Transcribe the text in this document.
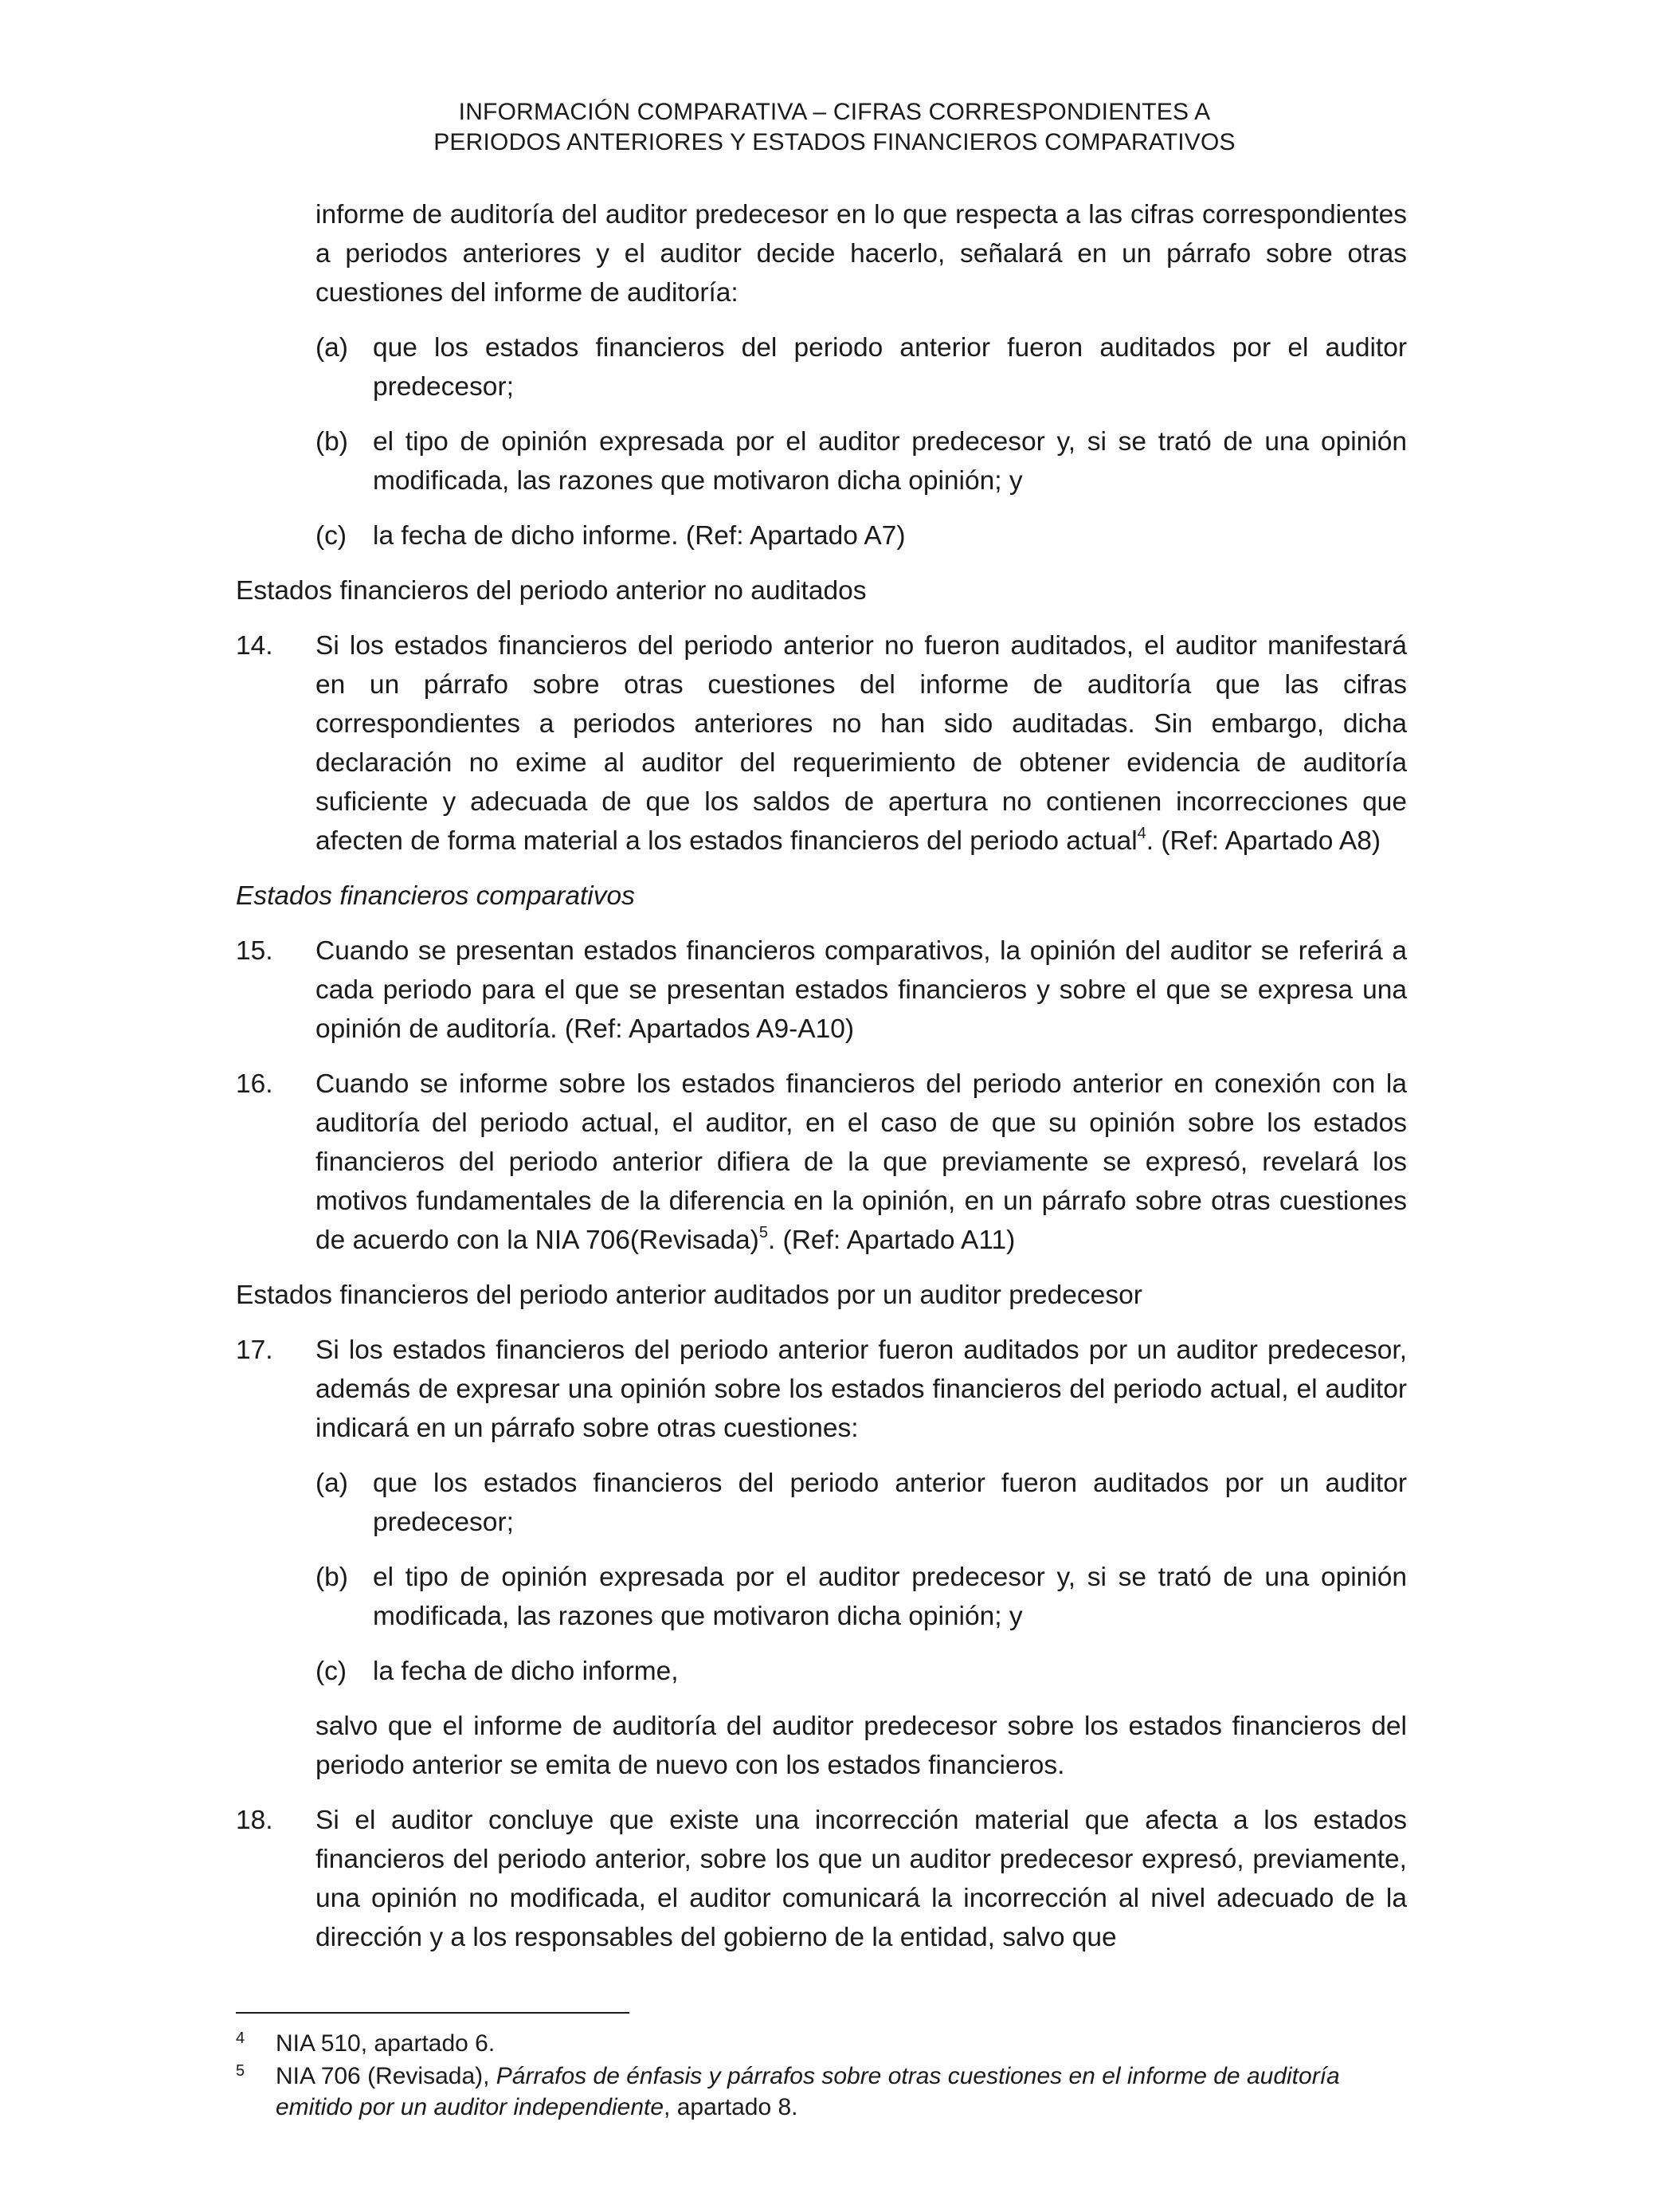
INFORMACIÓN COMPARATIVA – CIFRAS CORRESPONDIENTES A
PERIODOS ANTERIORES Y ESTADOS FINANCIEROS COMPARATIVOS

informe de auditoría del auditor predecesor en lo que respecta a las cifras correspondientes a periodos anteriores y el auditor decide hacerlo, señalará en un párrafo sobre otras cuestiones del informe de auditoría:

(a) que los estados financieros del periodo anterior fueron auditados por el auditor predecesor;
(b) el tipo de opinión expresada por el auditor predecesor y, si se trató de una opinión modificada, las razones que motivaron dicha opinión; y
(c) la fecha de dicho informe. (Ref: Apartado A7)
Estados financieros del periodo anterior no auditados
14. Si los estados financieros del periodo anterior no fueron auditados, el auditor manifestará en un párrafo sobre otras cuestiones del informe de auditoría que las cifras correspondientes a periodos anteriores no han sido auditadas. Sin embargo, dicha declaración no exime al auditor del requerimiento de obtener evidencia de auditoría suficiente y adecuada de que los saldos de apertura no contienen incorrecciones que afecten de forma material a los estados financieros del periodo actual$^4$. (Ref: Apartado A8)
Estados financieros comparativos
15. Cuando se presentan estados financieros comparativos, la opinión del auditor se referirá a cada periodo para el que se presentan estados financieros y sobre el que se expresa una opinión de auditoría. (Ref: Apartados A9-A10)
16. Cuando se informe sobre los estados financieros del periodo anterior en conexión con la auditoría del periodo actual, el auditor, en el caso de que su opinión sobre los estados financieros del periodo anterior difiera de la que previamente se expresó, revelará los motivos fundamentales de la diferencia en la opinión, en un párrafo sobre otras cuestiones de acuerdo con la NIA 706(Revisada)$^5$. (Ref: Apartado A11)
Estados financieros del periodo anterior auditados por un auditor predecesor
17. Si los estados financieros del periodo anterior fueron auditados por un auditor predecesor, además de expresar una opinión sobre los estados financieros del periodo actual, el auditor indicará en un párrafo sobre otras cuestiones:
(a) que los estados financieros del periodo anterior fueron auditados por un auditor predecesor;
(b) el tipo de opinión expresada por el auditor predecesor y, si se trató de una opinión modificada, las razones que motivaron dicha opinión; y
(c) la fecha de dicho informe,

salvo que el informe de auditoría del auditor predecesor sobre los estados financieros del periodo anterior se emita de nuevo con los estados financieros.

18. Si el auditor concluye que existe una incorrección material que afecta a los estados financieros del periodo anterior, sobre los que un auditor predecesor expresó, previamente, una opinión no modificada, el auditor comunicará la incorrección al nivel adecuado de la dirección y a los responsables del gobierno de la entidad, salvo que
4 NIA 510, apartado 6.
5 NIA 706 (Revisada), Párrafos de énfasis y párrafos sobre otras cuestiones en el informe de auditoría emitido por un auditor independiente, apartado 8.
